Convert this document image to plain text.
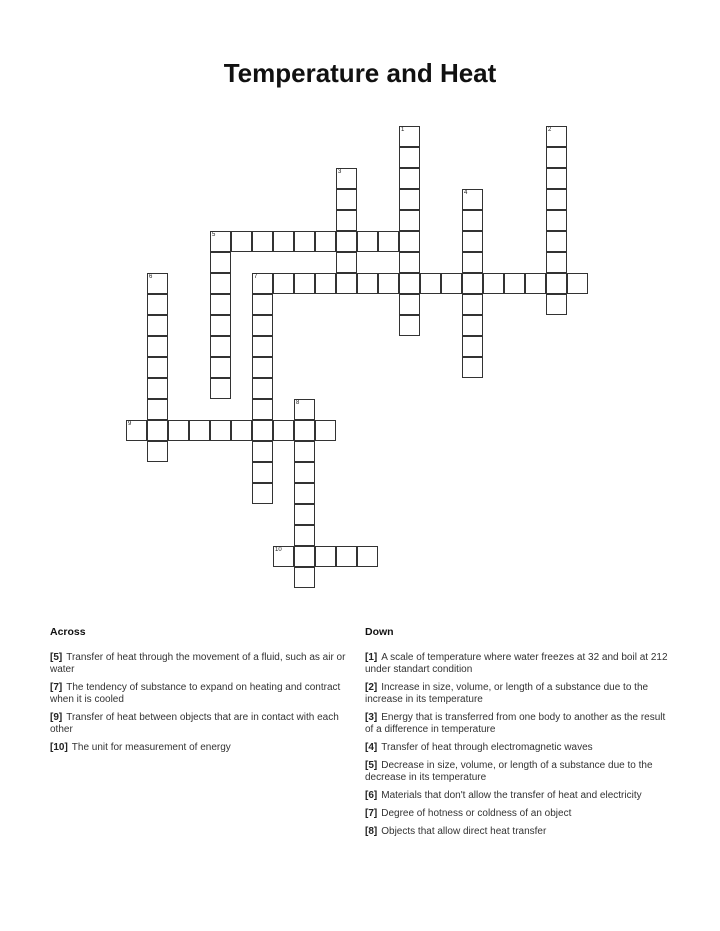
Temperature and Heat
1	2
3
4
5
6	7
8
9
10
Across

[5] Transfer of heat through the movement of a fluid, such as air or water

[7] The tendency of substance to expand on heating and contract when it is cooled

[9] Transfer of heat between objects that are in contact with each other

[10] The unit for measurement of energy

Down

[1] A scale of temperature where water freezes at 32 and boil at 212 under standart condition

[2] Increase in size, volume, or length of a substance due to the increase in its temperature

[3] Energy that is transferred from one body to another as the result of a difference in temperature

[4] Transfer of heat through electromagnetic waves

[5] Decrease in size, volume, or length of a substance due to the decrease in its temperature

[6] Materials that don't allow the transfer of heat and electricity

[7] Degree of hotness or coldness of an object

[8] Objects that allow direct heat transfer
